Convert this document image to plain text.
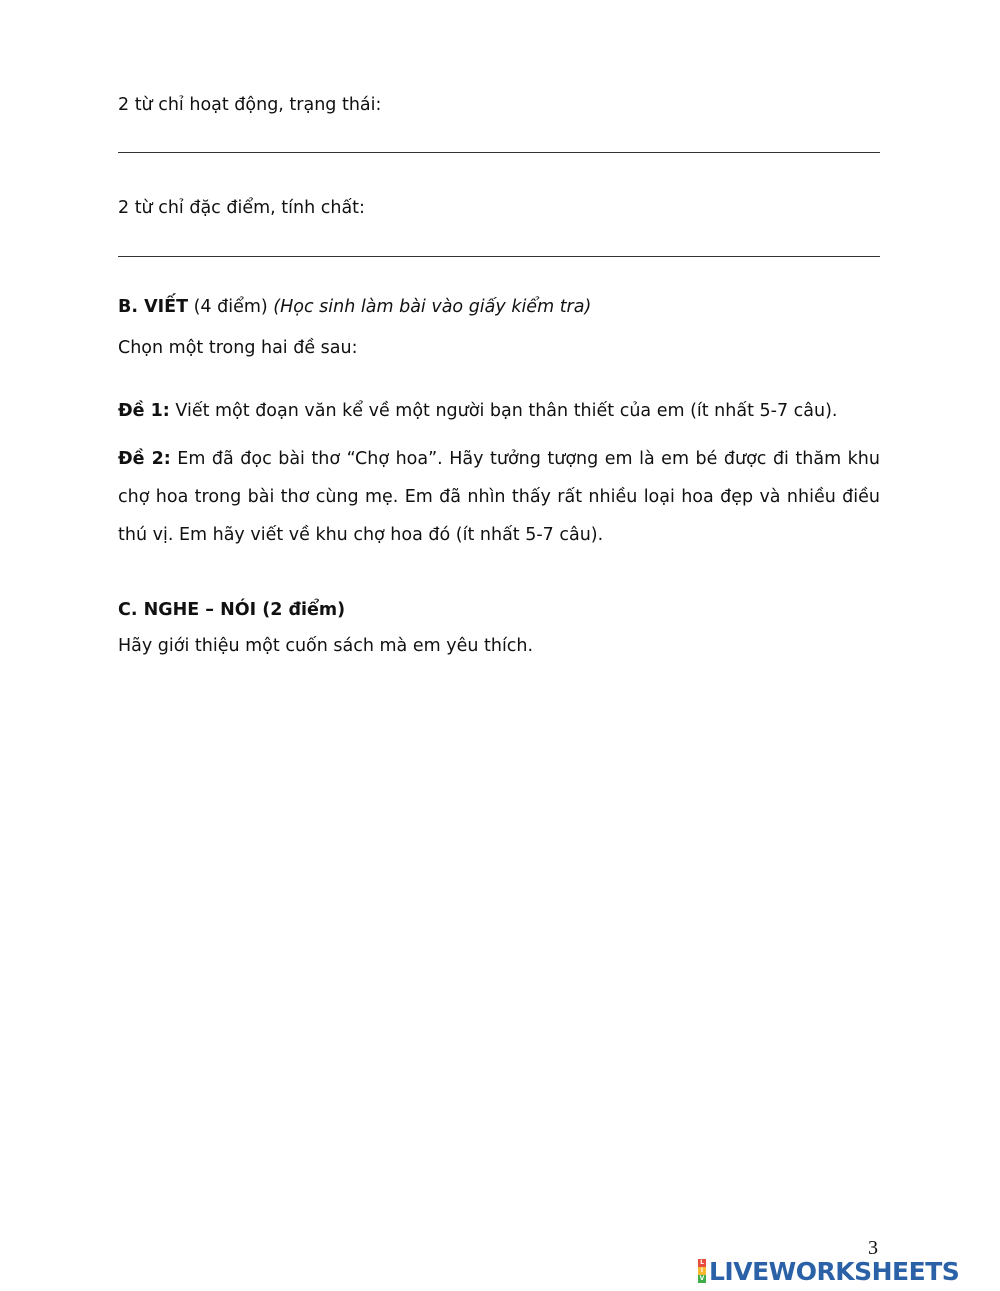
2 từ chỉ hoạt động, trạng thái:
2 từ chỉ đặc điểm, tính chất:
B. VIẾT (4 điểm) (Học sinh làm bài vào giấy kiểm tra)
Chọn một trong hai đề sau:
Đề 1: Viết một đoạn văn kể về một người bạn thân thiết của em (ít nhất 5-7 câu).
Đề 2: Em đã đọc bài thơ “Chợ hoa”. Hãy tưởng tượng em là em bé được đi thăm khu chợ hoa trong bài thơ cùng mẹ. Em đã nhìn thấy rất nhiều loại hoa đẹp và nhiều điều thú vị. Em hãy viết về khu chợ hoa đó (ít nhất 5-7 câu).
C. NGHE – NÓI (2 điểm)
Hãy giới thiệu một cuốn sách mà em yêu thích.
3
L
I
V LIVEWORKSHEETS
